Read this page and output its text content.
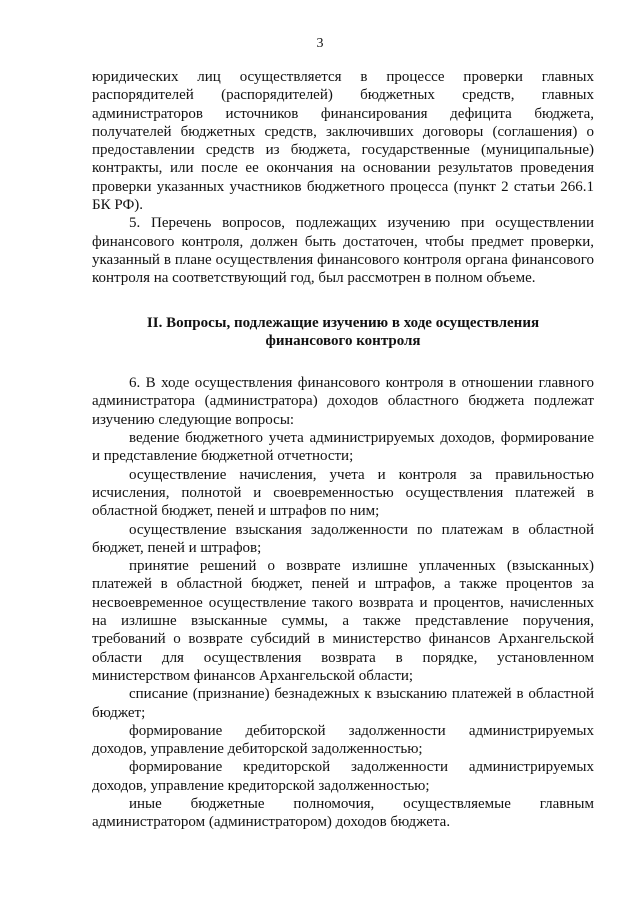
3

юридических лиц осуществляется в процессе проверки главных распорядителей (распорядителей) бюджетных средств, главных администраторов источников финансирования дефицита бюджета, получателей бюджетных средств, заключивших договоры (соглашения) о предоставлении средств из бюджета, государственные (муниципальные) контракты, или после ее окончания на основании результатов проведения проверки указанных участников бюджетного процесса (пункт 2 статьи 266.1 БК РФ).

5. Перечень вопросов, подлежащих изучению при осуществлении финансового контроля, должен быть достаточен, чтобы предмет проверки, указанный в плане осуществления финансового контроля органа финансового контроля на соответствующий год, был рассмотрен в полном объеме.

II. Вопросы, подлежащие изучению в ходе осуществления
финансового контроля

6. В ходе осуществления финансового контроля в отношении главного администратора (администратора) доходов областного бюджета подлежат изучению следующие вопросы:

ведение бюджетного учета администрируемых доходов, формирование и представление бюджетной отчетности;

осуществление начисления, учета и контроля за правильностью исчисления, полнотой и своевременностью осуществления платежей в областной бюджет, пеней и штрафов по ним;

осуществление взыскания задолженности по платежам в областной бюджет, пеней и штрафов;

принятие решений о возврате излишне уплаченных (взысканных) платежей в областной бюджет, пеней и штрафов, а также процентов за несвоевременное осуществление такого возврата и процентов, начисленных на излишне взысканные суммы, а также представление поручения, требований о возврате субсидий в министерство финансов Архангельской области для осуществления возврата в порядке, установленном министерством финансов Архангельской области;

списание (признание) безнадежных к взысканию платежей в областной бюджет;

формирование дебиторской задолженности администрируемых доходов, управление дебиторской задолженностью;

формирование кредиторской задолженности администрируемых доходов, управление кредиторской задолженностью;

иные бюджетные полномочия, осуществляемые главным администратором (администратором) доходов бюджета.
